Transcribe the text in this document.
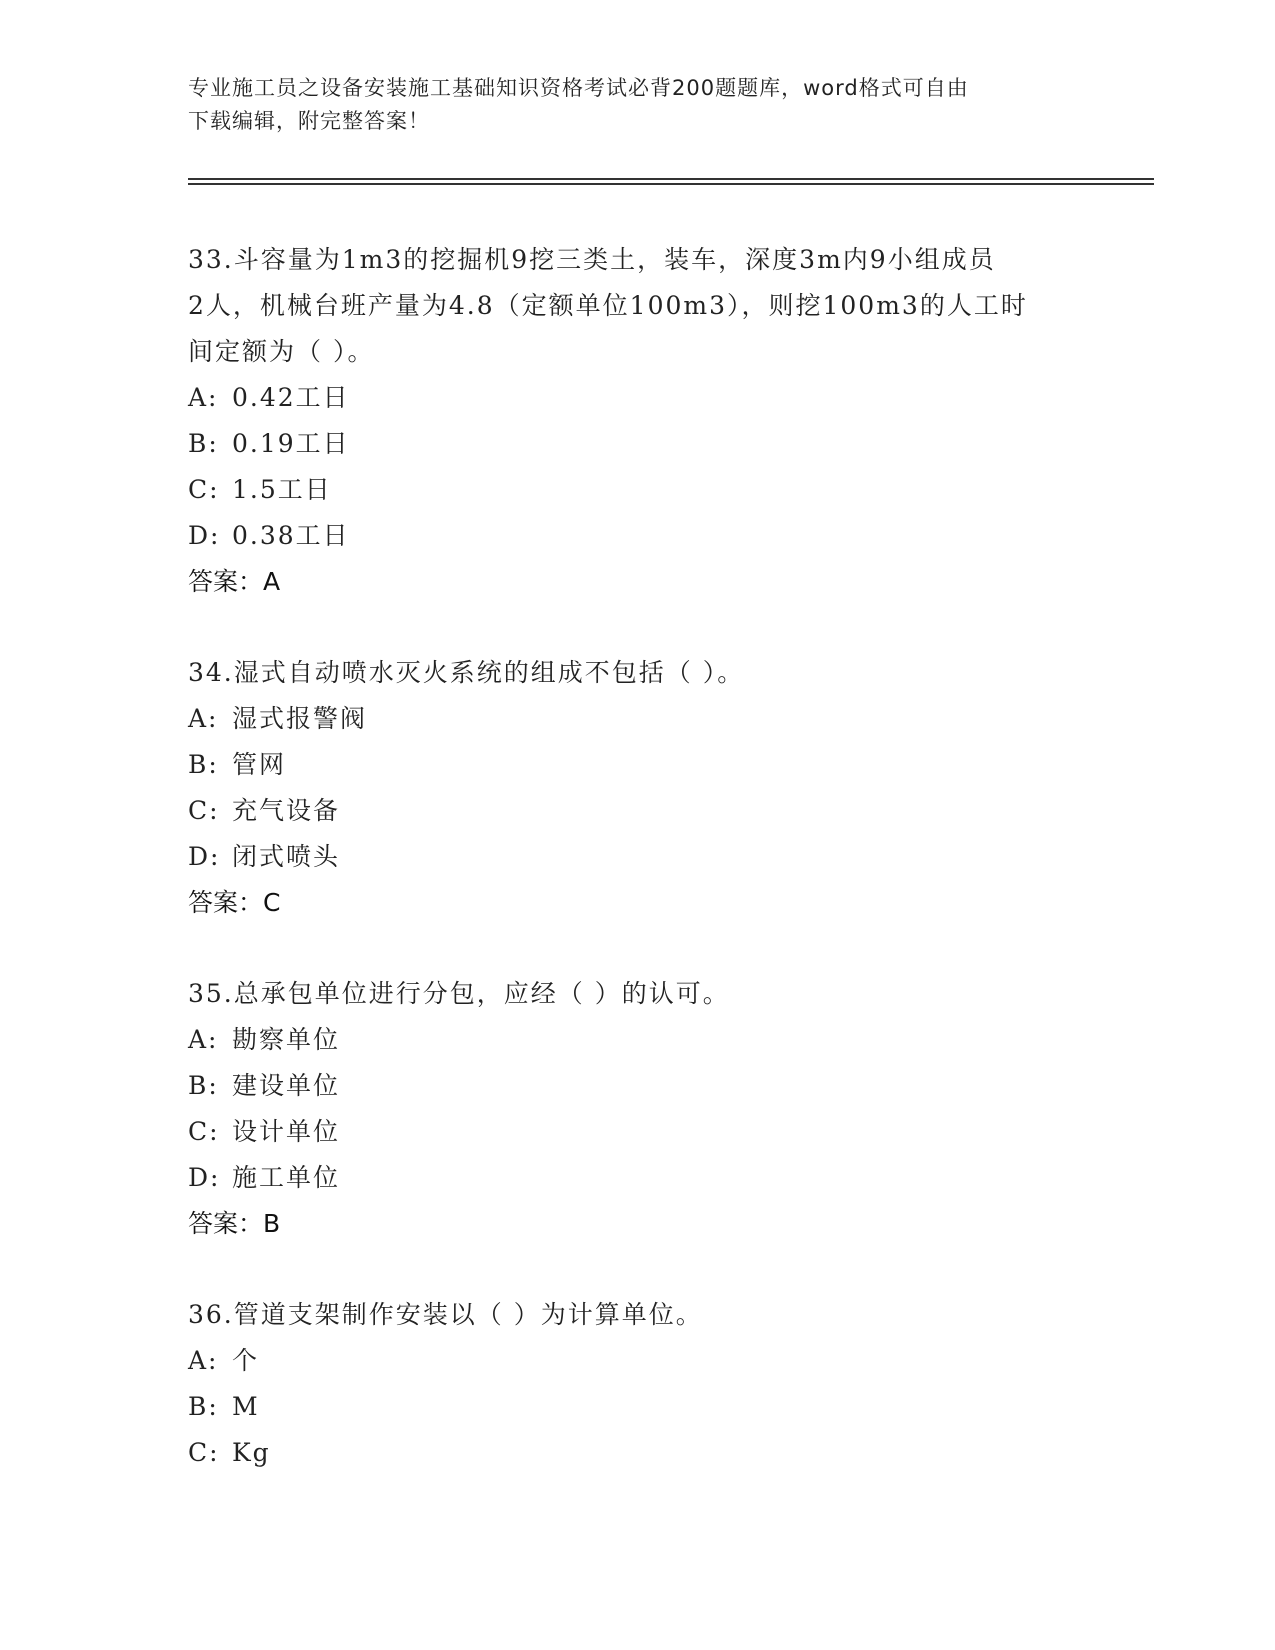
专业施工员之设备安装施工基础知识资格考试必背200题题库，word格式可自由
下载编辑，附完整答案！

33.斗容量为1m3的挖掘机9挖三类土，装车，深度3m内9小组成员

2人，机械台班产量为4.8（定额单位100m3），则挖100m3的人工时

间定额为（ ）。

A: 0.42工日

B: 0.19工日

C: 1.5工日

D: 0.38工日

答案：A

34.湿式自动喷水灭火系统的组成不包括（ ）。

A: 湿式报警阀

B: 管网

C: 充气设备

D: 闭式喷头

答案：C

35.总承包单位进行分包，应经（ ）的认可。

A: 勘察单位

B: 建设单位

C: 设计单位

D: 施工单位

答案：B

36.管道支架制作安装以（ ）为计算单位。

A: 个

B: M

C: Kg
